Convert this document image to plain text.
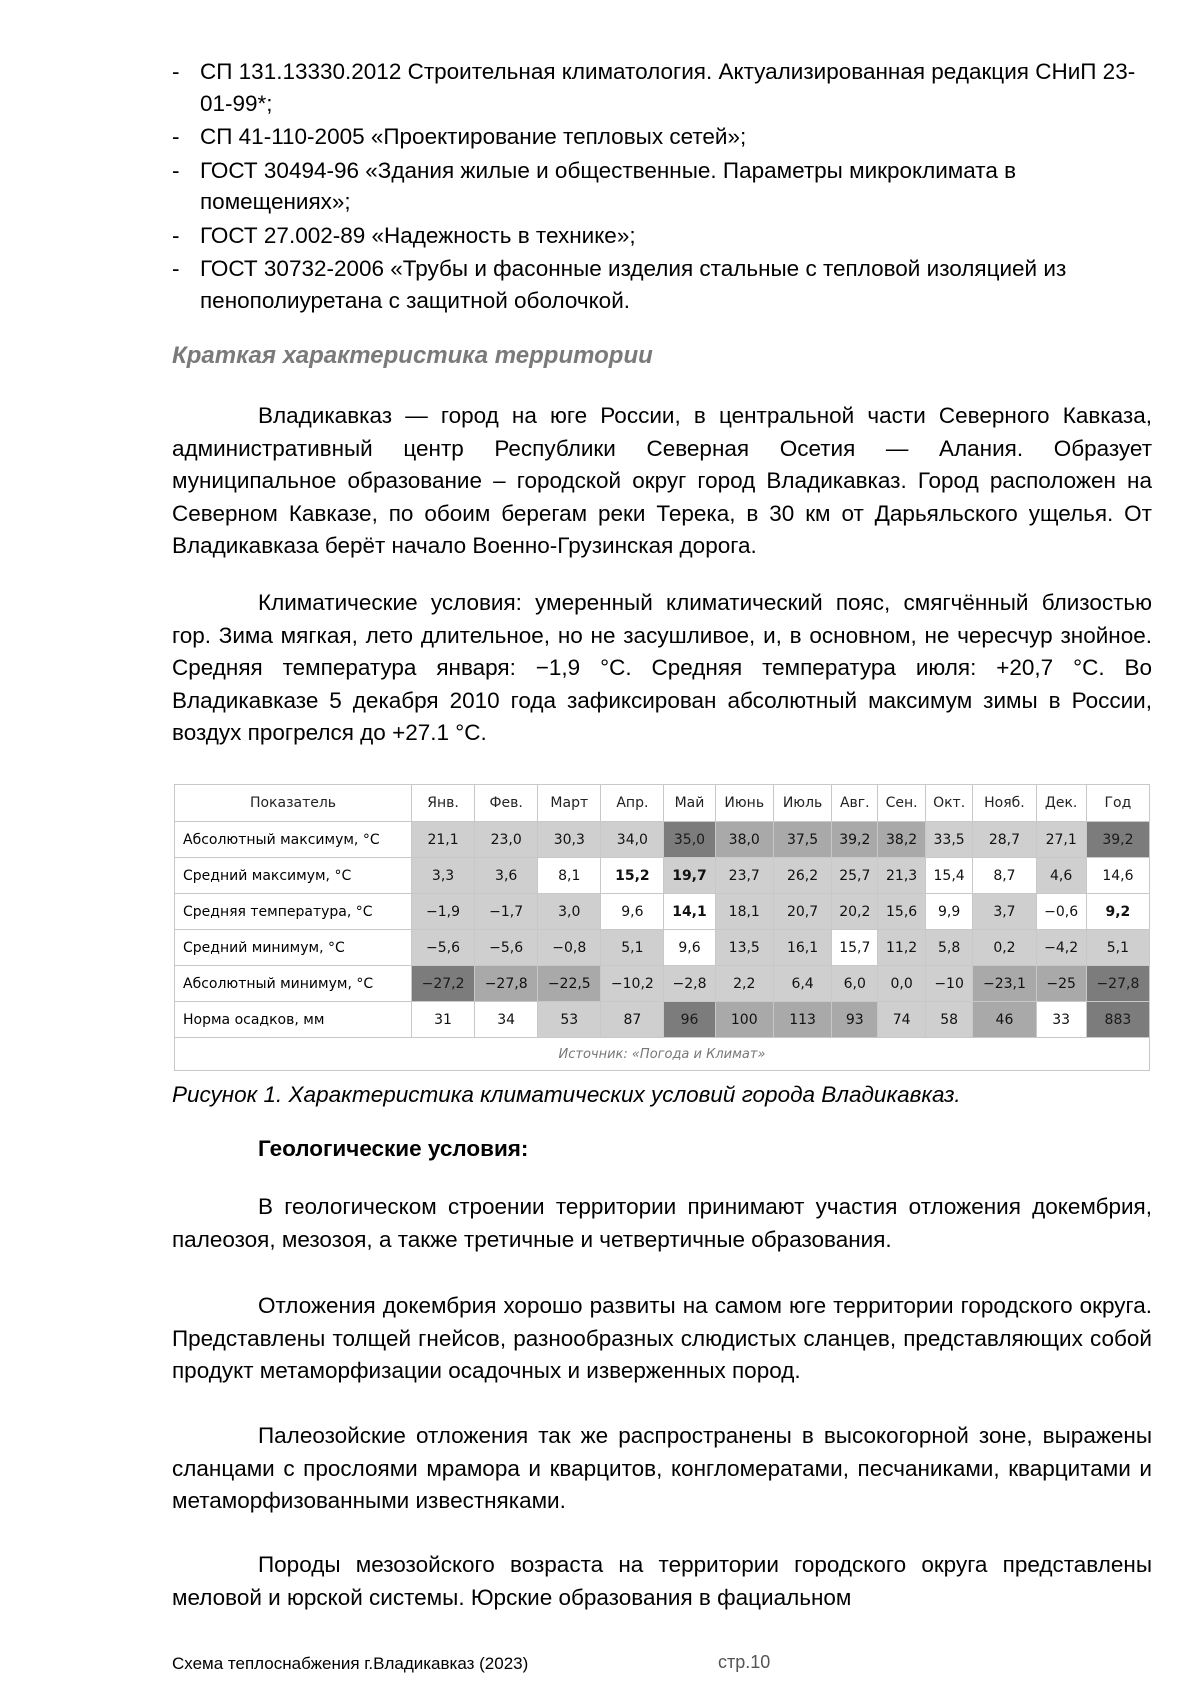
- СП 131.13330.2012 Строительная климатология. Актуализированная редакция СНиП 23-01-99*;
- СП 41-110-2005 «Проектирование тепловых сетей»;
- ГОСТ 30494-96 «Здания жилые и общественные. Параметры микроклимата в помещениях»;
- ГОСТ 27.002-89 «Надежность в технике»;
- ГОСТ 30732-2006 «Трубы и фасонные изделия стальные с тепловой изоляцией из пенополиуретана с защитной оболочкой.
Краткая характеристика территории

Владикавказ — город на юге России, в центральной части Северного Кавказа, административный центр Республики Северная Осетия — Алания. Образует муниципальное образование – городской округ город Владикавказ. Город расположен на Северном Кавказе, по обоим берегам реки Терека, в 30 км от Дарьяльского ущелья. От Владикавказа берёт начало Военно-Грузинская дорога.

Климатические условия: умеренный климатический пояс, смягчённый близостью гор. Зима мягкая, лето длительное, но не засушливое, и, в основном, не чересчур знойное. Средняя температура января: −1,9 °С. Средняя температура июля: +20,7 °С. Во Владикавказе 5 декабря 2010 года зафиксирован абсолютный максимум зимы в России, воздух прогрелся до +27.1 °С.

Показатель	Янв.	Фев.	Март	Апр.	Май	Июнь	Июль	Авг.	Сен.	Окт.	Нояб.	Дек.	Год
Абсолютный максимум, °С	21,1	23,0	30,3	34,0	35,0	38,0	37,5	39,2	38,2	33,5	28,7	27,1	39,2
Средний максимум, °С	3,3	3,6	8,1	15,2	19,7	23,7	26,2	25,7	21,3	15,4	8,7	4,6	14,6
Средняя температура, °С	−1,9	−1,7	3,0	9,6	14,1	18,1	20,7	20,2	15,6	9,9	3,7	−0,6	9,2
Средний минимум, °С	−5,6	−5,6	−0,8	5,1	9,6	13,5	16,1	15,7	11,2	5,8	0,2	−4,2	5,1
Абсолютный минимум, °С	−27,2	−27,8	−22,5	−10,2	−2,8	2,2	6,4	6,0	0,0	−10	−23,1	−25	−27,8
Норма осадков, мм	31	34	53	87	96	100	113	93	74	58	46	33	883
Источник: «Погода и Климат»													

Рисунок 1. Характеристика климатических условий города Владикавказ.

Геологические условия:

В геологическом строении территории принимают участия отложения докембрия, палеозоя, мезозоя, а также третичные и четвертичные образования.

Отложения докембрия хорошо развиты на самом юге территории городского округа. Представлены толщей гнейсов, разнообразных слюдистых сланцев, представляющих собой продукт метаморфизации осадочных и изверженных пород.

Палеозойские отложения так же распространены в высокогорной зоне, выражены сланцами с прослоями мрамора и кварцитов, конгломератами, песчаниками, кварцитами и метаморфизованными известняками.

Породы мезозойского возраста на территории городского округа представлены меловой и юрской системы. Юрские образования в фациальном

Схема теплоснабжения г.Владикавказ (2023)	стр.10
